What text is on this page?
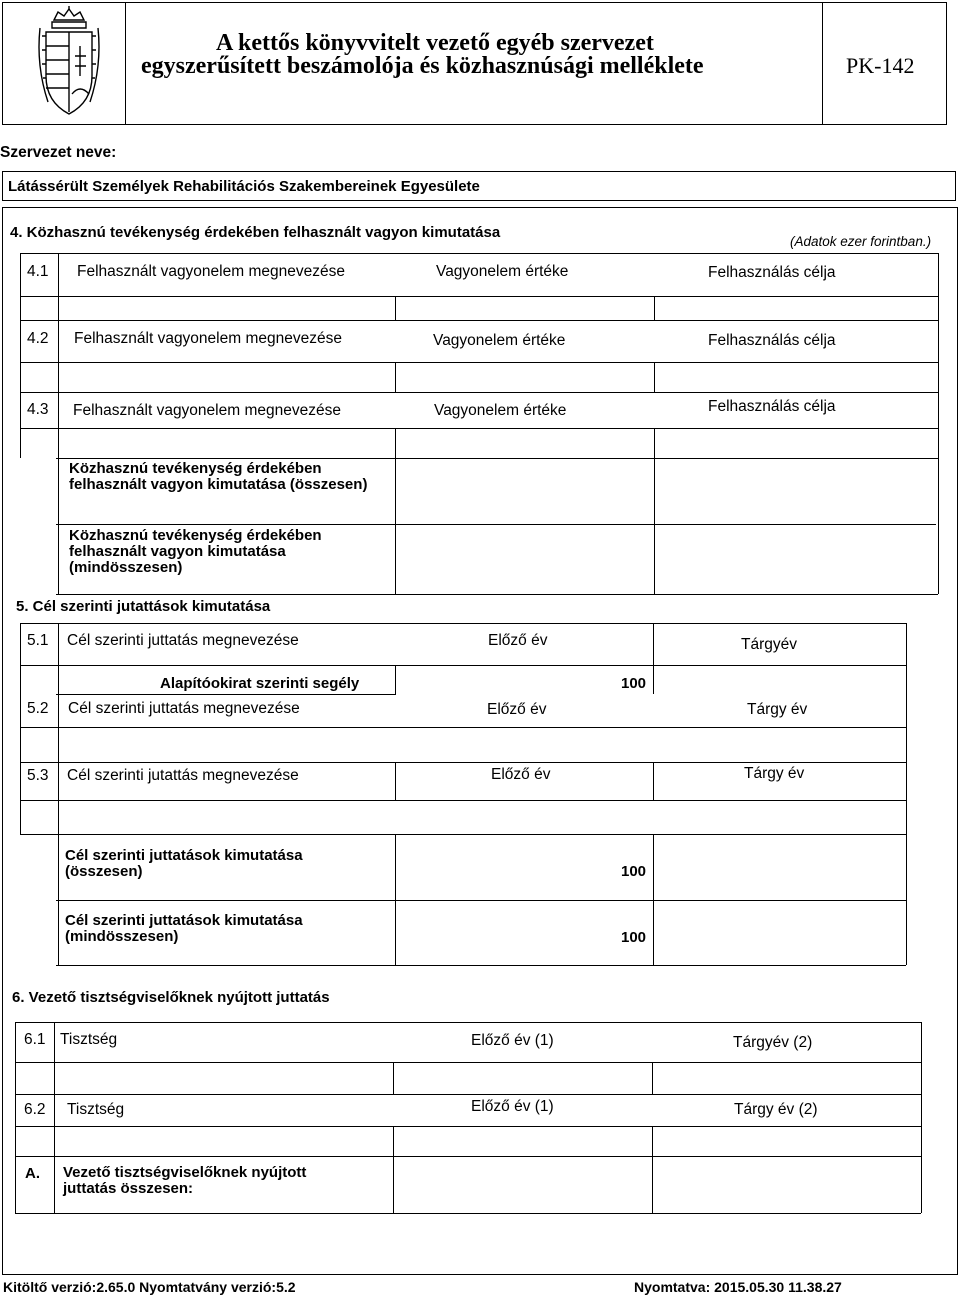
A kettős könyvvitelt vezető egyéb szervezet
egyszerűsített beszámolója és közhasznúsági melléklete	PK-142
Szervezet neve:
Látássérült Személyek Rehabilitációs Szakembereinek Egyesülete
4. Közhasznú tevékenység érdekében felhasznált vagyon kimutatása
(Adatok ezer forintban.)
4.1 Felhasznált vagyonelem megnevezése	Vagyonelem értéke	Felhasználás célja
4.2 Felhasznált vagyonelem megnevezése	Vagyonelem értéke	Felhasználás célja
4.3 Felhasznált vagyonelem megnevezése	Vagyonelem értéke	Felhasználás célja
Közhasznú tevékenység érdekében felhasznált vagyon kimutatása (összesen)
Közhasznú tevékenység érdekében felhasznált vagyon kimutatása (mindösszesen)
5. Cél szerinti jutattások kimutatása
5.1 Cél szerinti juttatás megnevezése	Előző év	Tárgyév
Alapítóokirat szerinti segély	100
5.2 Cél szerinti juttatás megnevezése	Előző év	Tárgy év
5.3 Cél szerinti jutattás megnevezése	Előző év	Tárgy év
Cél szerinti juttatások kimutatása (összesen)	100
Cél szerinti juttatások kimutatása (mindösszesen)	100
6. Vezető tisztségviselőknek nyújtott juttatás
6.1 Tisztség	Előző év (1)	Tárgyév (2)
6.2 Tisztség	Előző év (1)	Tárgy év (2)
A. Vezető tisztségviselőknek nyújtott juttatás összesen:
Kitöltő verzió:2.65.0 Nyomtatvány verzió:5.2	Nyomtatva: 2015.05.30 11.38.27
